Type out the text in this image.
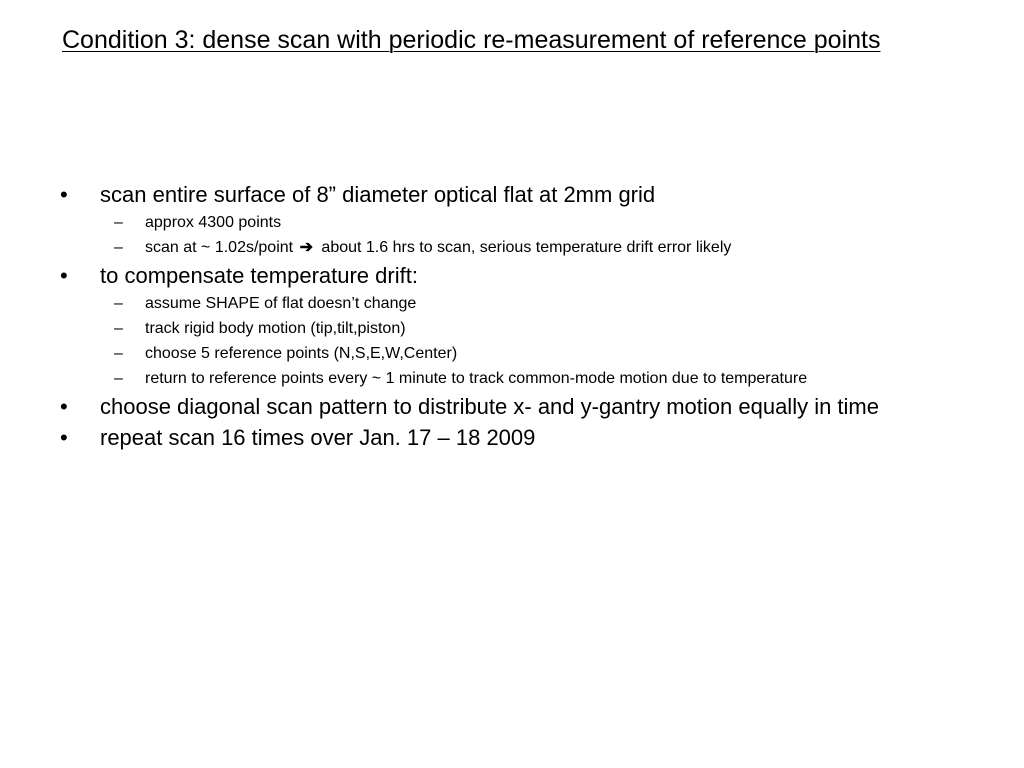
Condition 3: dense scan with periodic re-measurement of reference points
• scan entire surface of 8” diameter optical flat at 2mm grid
– approx 4300 points
– scan at ~ 1.02s/point ➔ about 1.6 hrs to scan, serious temperature drift error likely
• to compensate temperature drift:
– assume SHAPE of flat doesn’t change
– track rigid body motion (tip,tilt,piston)
– choose 5 reference points (N,S,E,W,Center)
– return to reference points every ~ 1 minute to track common-mode motion due to temperature
• choose diagonal scan pattern to distribute x- and y-gantry motion equally in time
• repeat scan 16 times over Jan. 17 – 18 2009
